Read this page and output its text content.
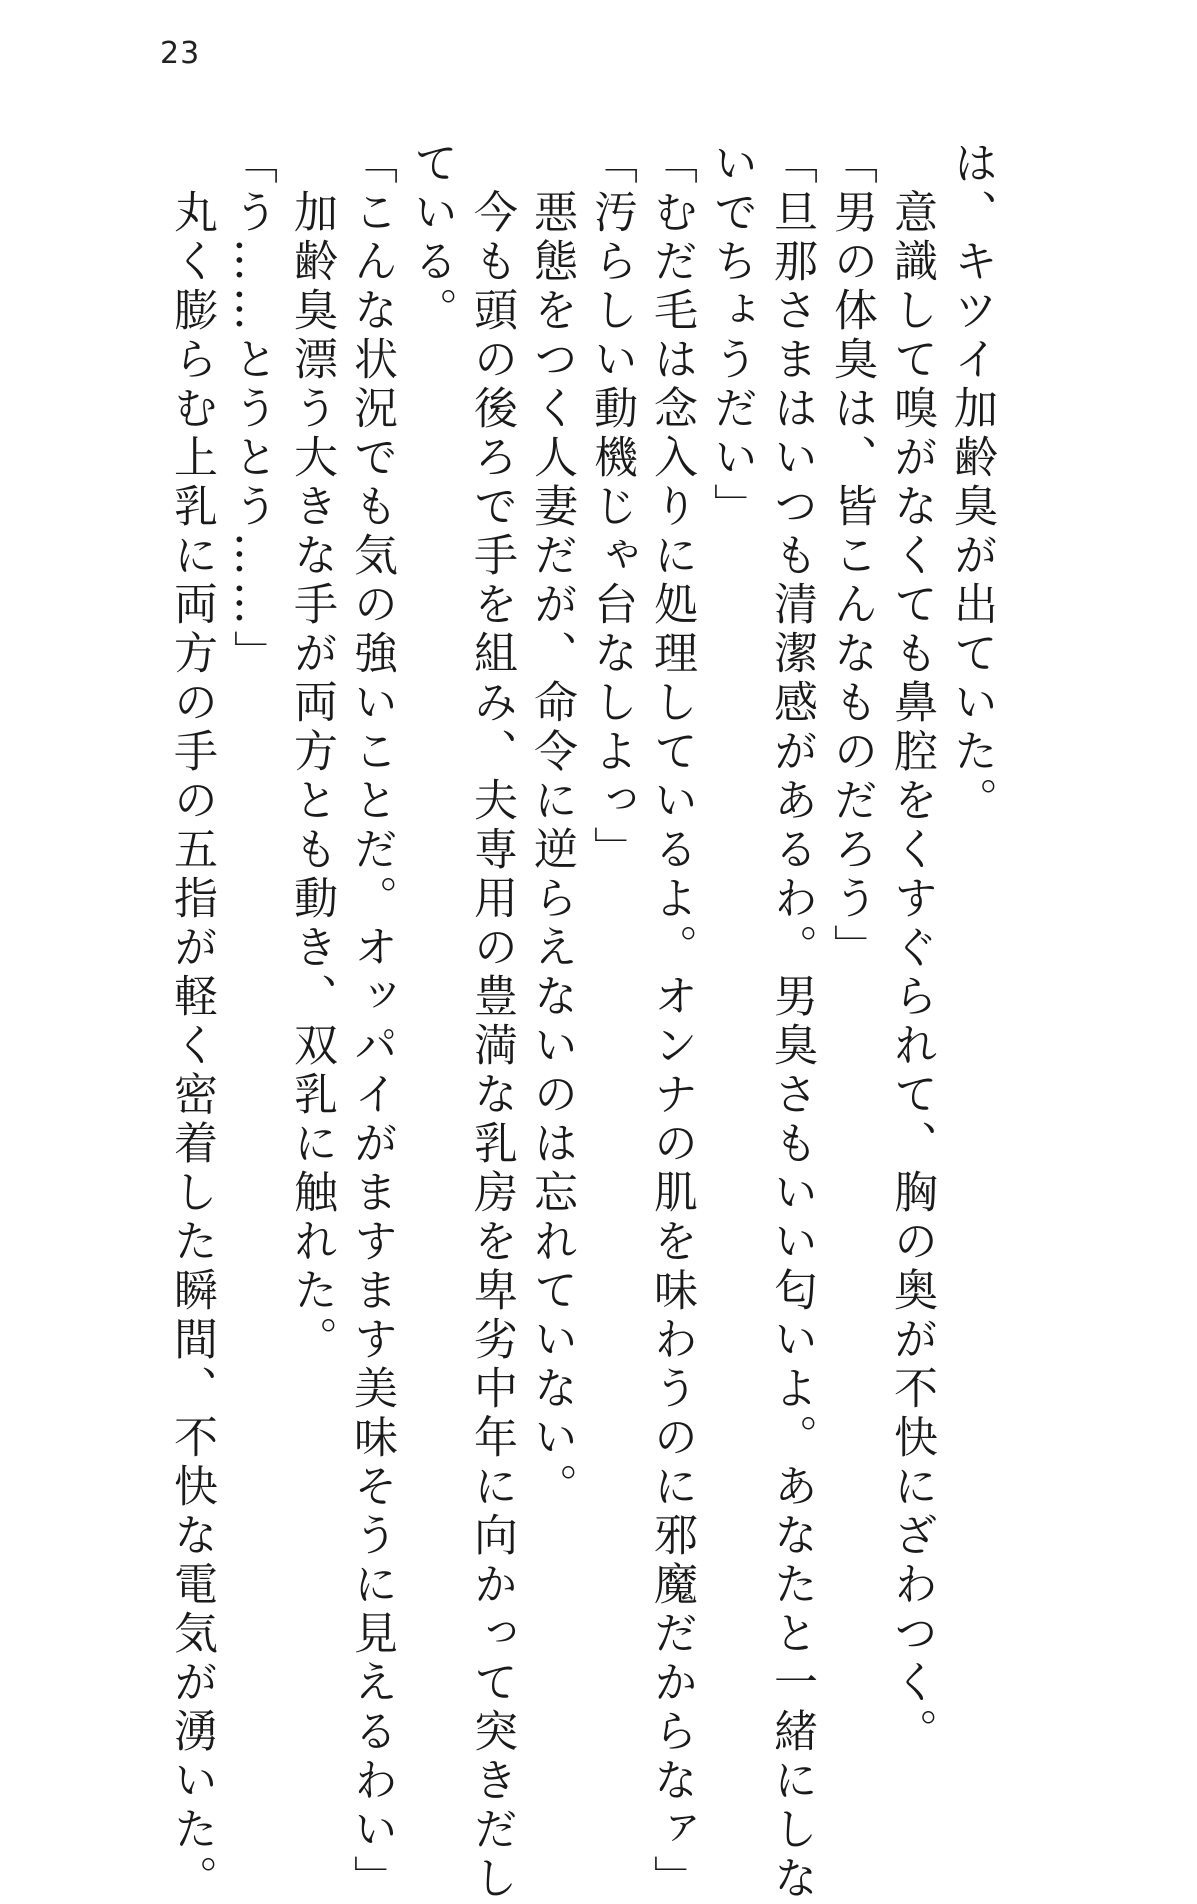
23

は、キツイ加齢臭が出ていた。

　意識して嗅がなくても鼻腔をくすぐられて、胸の奥が不快にざわつく。

「男の体臭は、皆こんなものだろう」

「旦那さまはいつも清潔感があるわ。男臭さもいい匂いよ。あなたと一緒にしな

いでちょうだい」

「むだ毛は念入りに処理しているよ。オンナの肌を味わうのに邪魔だからなァ」

「汚らしい動機じゃ台なしよっ」

　悪態をつく人妻だが、命令に逆らえないのは忘れていない。

　今も頭の後ろで手を組み、夫専用の豊満な乳房を卑劣中年に向かって突きだし

ている。

「こんな状況でも気の強いことだ。オッパイがますます美味そうに見えるわい」

　加齢臭漂う大きな手が両方とも動き、双乳に触れた。

「う……とうとう……」

　丸く膨らむ上乳に両方の手の五指が軽く密着した瞬間、不快な電気が湧いた。
